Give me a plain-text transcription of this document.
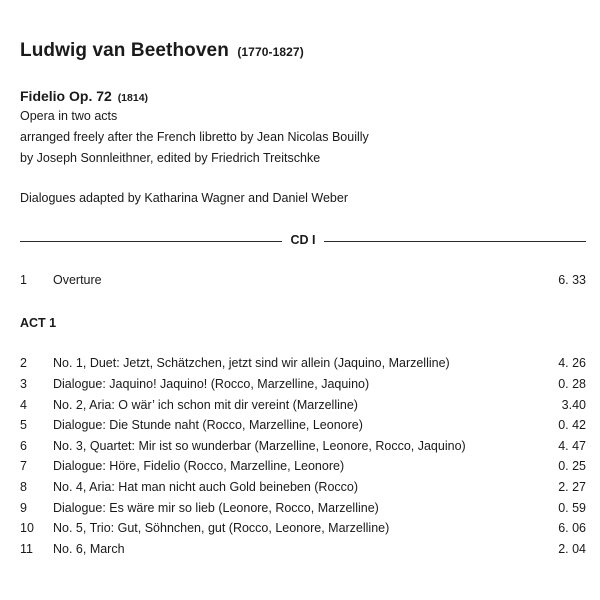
Ludwig van Beethoven (1770-1827)
Fidelio Op. 72 (1814)
Opera in two acts
arranged freely after the French libretto by Jean Nicolas Bouilly
by Joseph Sonnleithner, edited by Friedrich Treitschke
Dialogues adapted by Katharina Wagner and Daniel Weber
CD I
1 Overture	6. 33
ACT 1
2 No. 1, Duet: Jetzt, Schätzchen, jetzt sind wir allein (Jaquino, Marzelline)	4. 26
3 Dialogue: Jaquino! Jaquino! (Rocco, Marzelline, Jaquino)	0. 28
4 No. 2, Aria: O wär’ ich schon mit dir vereint (Marzelline)	3.40
5 Dialogue: Die Stunde naht (Rocco, Marzelline, Leonore)	0. 42
6 No. 3, Quartet: Mir ist so wunderbar (Marzelline, Leonore, Rocco, Jaquino)	4. 47
7 Dialogue: Höre, Fidelio (Rocco, Marzelline, Leonore)	0. 25
8 No. 4, Aria: Hat man nicht auch Gold beineben (Rocco)	2. 27
9 Dialogue: Es wäre mir so lieb (Leonore, Rocco, Marzelline)	0. 59
10 No. 5, Trio: Gut, Söhnchen, gut (Rocco, Leonore, Marzelline)	6. 06
11 No. 6, March	2. 04
